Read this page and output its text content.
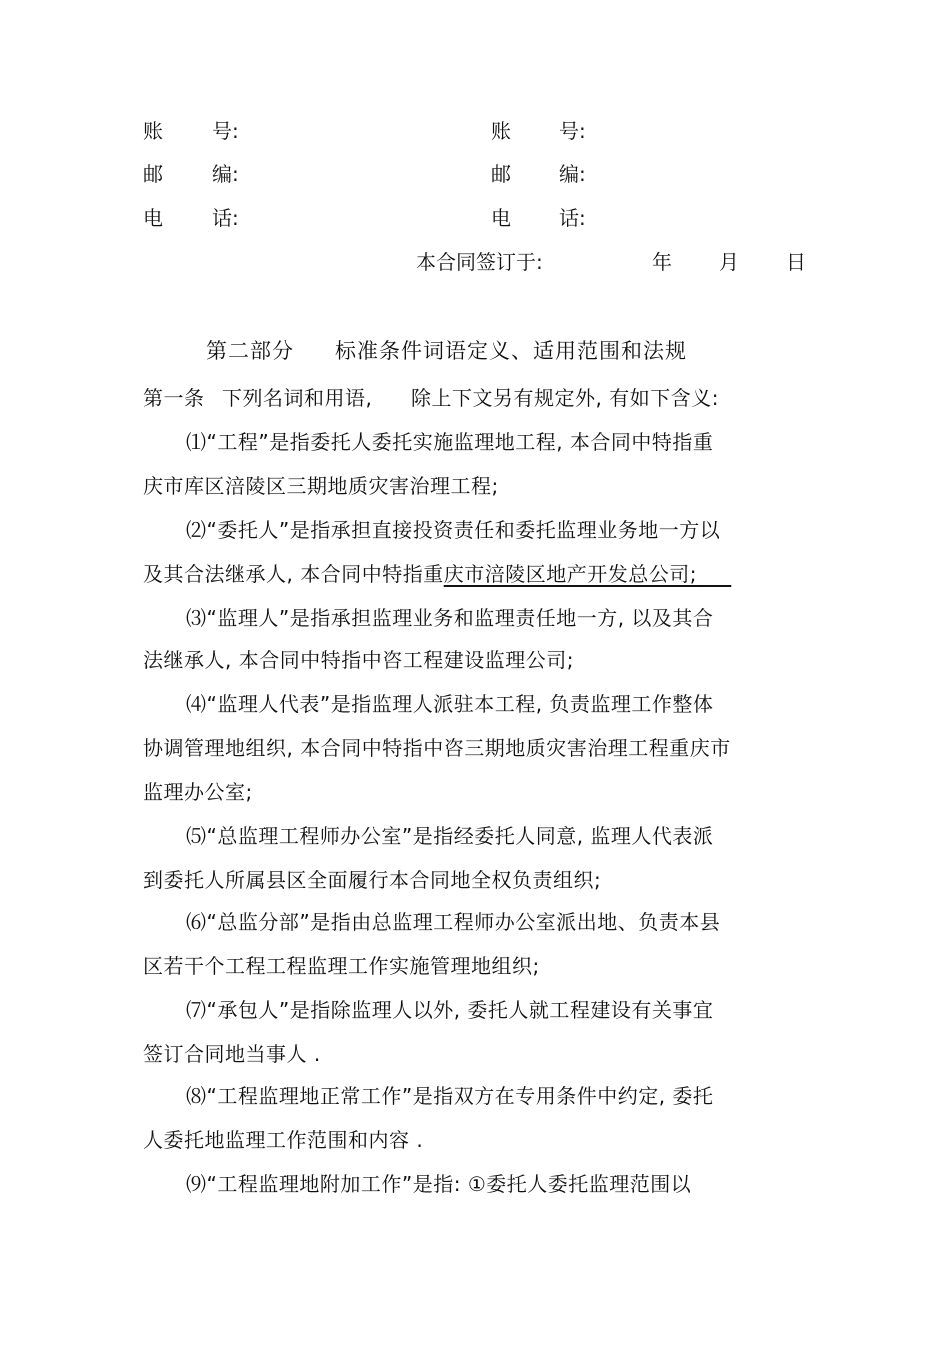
账 号:
邮 编:
电 话:
账 号:
邮 编:
电 话:
本合同签订于:	年 月 日
第二部分 标准条件词语定义、适用范围和法规
第一条 下列名词和用语, 除上下文另有规定外, 有如下含义:
⑴“工程”是指委托人委托实施监理地工程, 本合同中特指重
庆市库区涪陵区三期地质灾害治理工程;
⑵“委托人”是指承担直接投资责任和委托监理业务地一方以
及其合法继承人, 本合同中特指重庆市涪陵区地产开发总公司;
⑶“监理人”是指承担监理业务和监理责任地一方, 以及其合
法继承人, 本合同中特指中咨工程建设监理公司;
⑷“监理人代表”是指监理人派驻本工程, 负责监理工作整体
协调管理地组织, 本合同中特指中咨三期地质灾害治理工程重庆市
监理办公室;
⑸“总监理工程师办公室”是指经委托人同意, 监理人代表派
到委托人所属县区全面履行本合同地全权负责组织;
⑹“总监分部”是指由总监理工程师办公室派出地、负责本县
区若干个工程工程监理工作实施管理地组织;
⑺“承包人”是指除监理人以外, 委托人就工程建设有关事宜
签订合同地当事人 .
⑻“工程监理地正常工作”是指双方在专用条件中约定, 委托
人委托地监理工作范围和内容 .
⑼“工程监理地附加工作”是指: ①委托人委托监理范围以
